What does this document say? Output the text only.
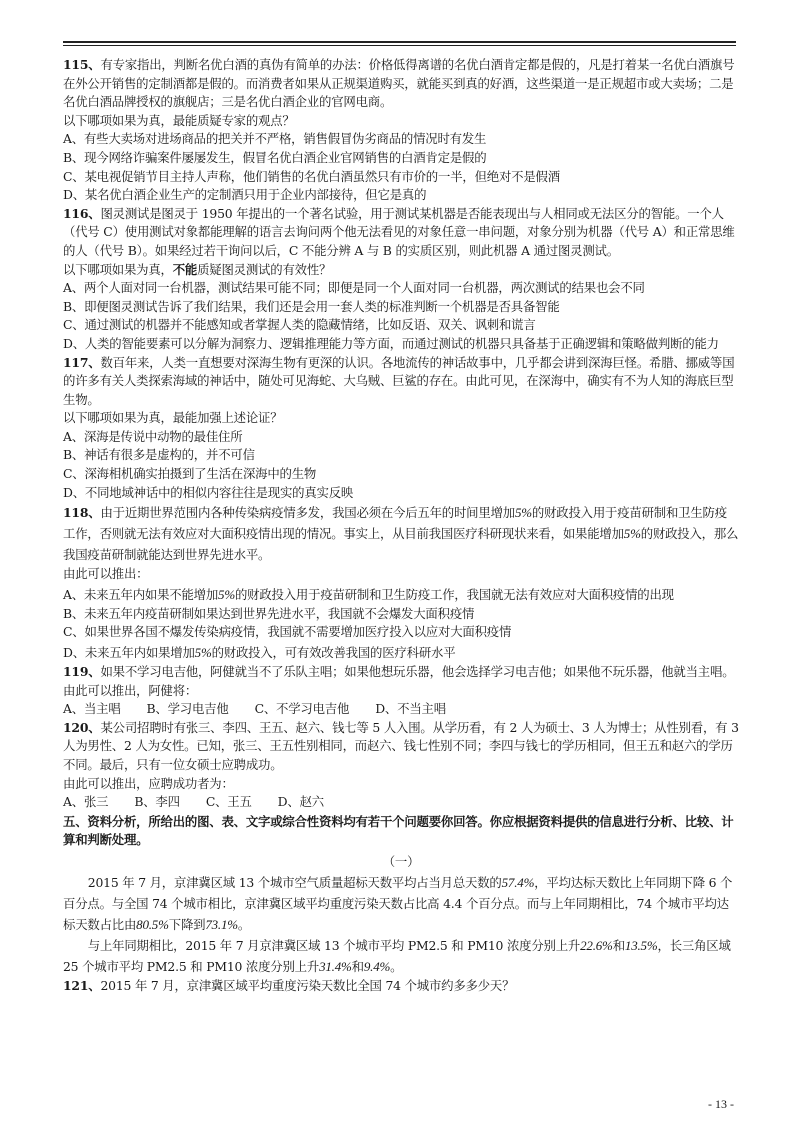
115、有专家指出，判断名优白酒的真伪有简单的办法：价格低得离谱的名优白酒肯定都是假的，凡是打着某一名优白酒旗号在外公开销售的定制酒都是假的。而消费者如果从正规渠道购买，就能买到真的好酒，这些渠道一是正规超市或大卖场；二是名优白酒品牌授权的旗舰店；三是名优白酒企业的官网电商。

以下哪项如果为真，最能质疑专家的观点？

A、有些大卖场对进场商品的把关并不严格，销售假冒伪劣商品的情况时有发生

B、现今网络诈骗案件屡屡发生，假冒名优白酒企业官网销售的白酒肯定是假的

C、某电视促销节目主持人声称，他们销售的名优白酒虽然只有市价的一半，但绝对不是假酒

D、某名优白酒企业生产的定制酒只用于企业内部接待，但它是真的

116、图灵测试是图灵于 1950 年提出的一个著名试验，用于测试某机器是否能表现出与人相同或无法区分的智能。一个人（代号 C）使用测试对象都能理解的语言去询问两个他无法看见的对象任意一串问题，对象分别为机器（代号 A）和正常思维的人（代号 B）。如果经过若干询问以后，C 不能分辨 A 与 B 的实质区别，则此机器 A 通过图灵测试。

以下哪项如果为真，不能质疑图灵测试的有效性？

A、两个人面对同一台机器，测试结果可能不同；即便是同一个人面对同一台机器，两次测试的结果也会不同

B、即便图灵测试告诉了我们结果，我们还是会用一套人类的标准判断一个机器是否具备智能

C、通过测试的机器并不能感知或者掌握人类的隐藏情绪，比如反语、双关、讽刺和谎言

D、人类的智能要素可以分解为洞察力、逻辑推理能力等方面，而通过测试的机器只具备基于正确逻辑和策略做判断的能力

117、数百年来，人类一直想要对深海生物有更深的认识。各地流传的神话故事中，几乎都会讲到深海巨怪。希腊、挪威等国的许多有关人类探索海域的神话中，随处可见海蛇、大乌贼、巨鲨的存在。由此可见，在深海中，确实有不为人知的海底巨型生物。

以下哪项如果为真，最能加强上述论证？

A、深海是传说中动物的最佳住所

B、神话有很多是虚构的，并不可信

C、深海相机确实拍摄到了生活在深海中的生物

D、不同地域神话中的相似内容往往是现实的真实反映

118、由于近期世界范围内各种传染病疫情多发，我国必须在今后五年的时间里增加5%的财政投入用于疫苗研制和卫生防疫工作，否则就无法有效应对大面积疫情出现的情况。事实上，从目前我国医疗科研现状来看，如果能增加5%的财政投入，那么我国疫苗研制就能达到世界先进水平。

由此可以推出：

A、未来五年内如果不能增加5%的财政投入用于疫苗研制和卫生防疫工作，我国就无法有效应对大面积疫情的出现

B、未来五年内疫苗研制如果达到世界先进水平，我国就不会爆发大面积疫情

C、如果世界各国不爆发传染病疫情，我国就不需要增加医疗投入以应对大面积疫情

D、未来五年内如果增加5%的财政投入，可有效改善我国的医疗科研水平

119、如果不学习电吉他，阿健就当不了乐队主唱；如果他想玩乐器，他会选择学习电吉他；如果他不玩乐器，他就当主唱。

由此可以推出，阿健将：

A、当主唱 B、学习电吉他 C、不学习电吉他 D、不当主唱

120、某公司招聘时有张三、李四、王五、赵六、钱七等 5 人入围。从学历看，有 2 人为硕士、3 人为博士；从性别看，有 3 人为男性、2 人为女性。已知，张三、王五性别相同，而赵六、钱七性别不同；李四与钱七的学历相同，但王五和赵六的学历不同。最后，只有一位女硕士应聘成功。

由此可以推出，应聘成功者为：

A、张三 B、李四 C、王五 D、赵六

五、资料分析，所给出的图、表、文字或综合性资料均有若干个问题要你回答。你应根据资料提供的信息进行分析、比较、计算和判断处理。

（一）

2015 年 7 月，京津冀区域 13 个城市空气质量超标天数平均占当月总天数的57.4%，平均达标天数比上年同期下降 6 个百分点。与全国 74 个城市相比，京津冀区域平均重度污染天数占比高 4.4 个百分点。而与上年同期相比，74 个城市平均达标天数占比由80.5%下降到73.1%。

与上年同期相比，2015 年 7 月京津冀区域 13 个城市平均 PM2.5 和 PM10 浓度分别上升22.6%和13.5%，长三角区域 25 个城市平均 PM2.5 和 PM10 浓度分别上升31.4%和9.4%。

121、2015 年 7 月，京津冀区域平均重度污染天数比全国 74 个城市约多多少天？

- 13 -
